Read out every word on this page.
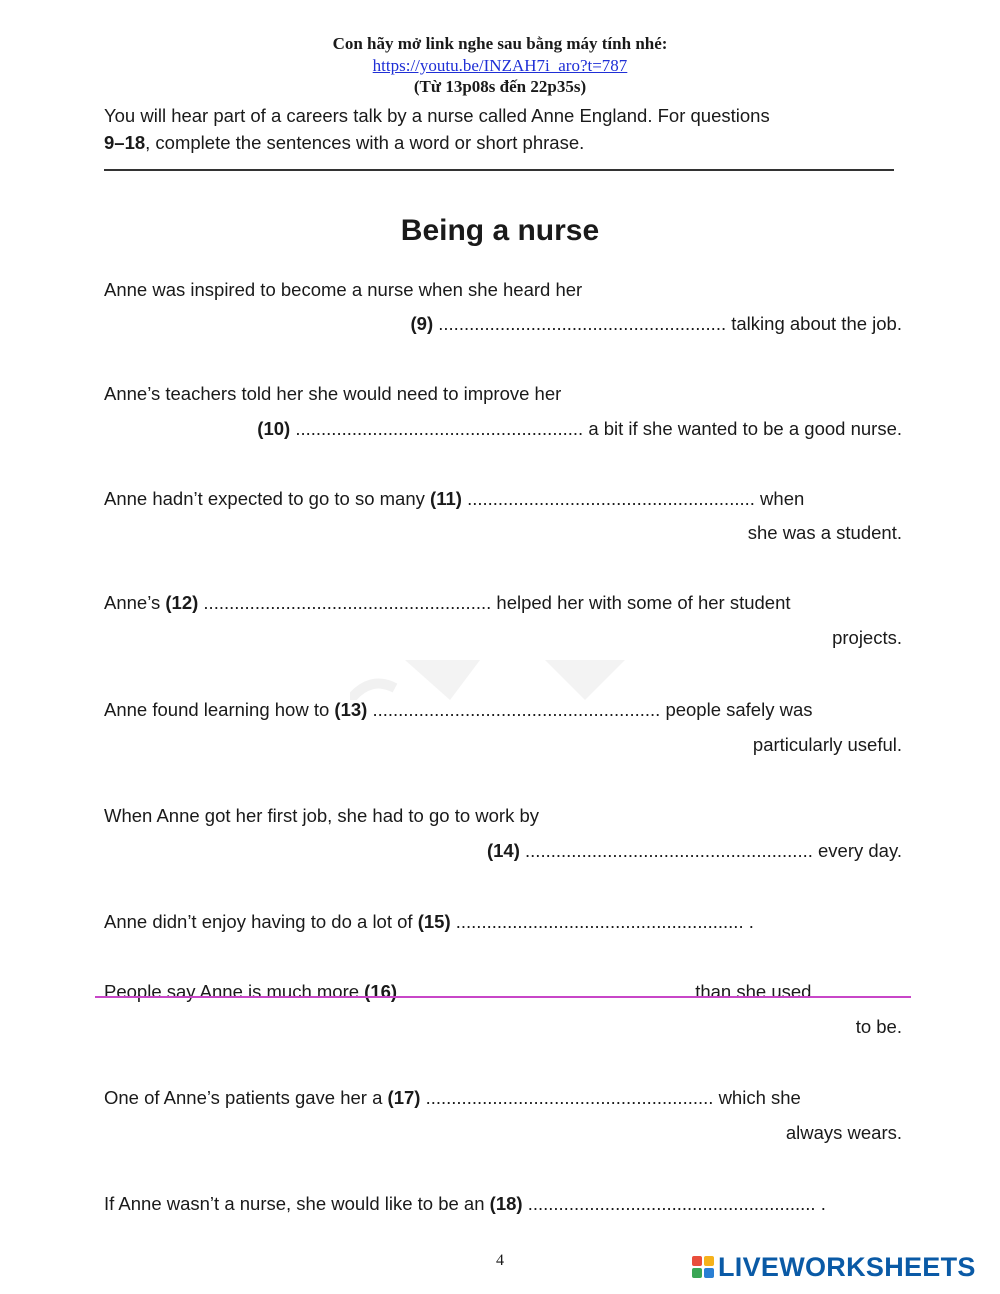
Con hãy mở link nghe sau bằng máy tính nhé:
https://youtu.be/INZAH7i_aro?t=787
(Từ 13p08s đến 22p35s)
You will hear part of a careers talk by a nurse called Anne England. For questions
9–18, complete the sentences with a word or short phrase.
Being a nurse
Anne was inspired to become a nurse when she heard her
(9) ........................................................ talking about the job.
Anne’s teachers told her she would need to improve her
(10) ........................................................ a bit if she wanted to be a good nurse.
Anne hadn’t expected to go to so many (11) ........................................................ when
she was a student.
Anne’s (12) ........................................................ helped her with some of her student
projects.
Anne found learning how to (13) ........................................................ people safely was
particularly useful.
When Anne got her first job, she had to go to work by
(14) ........................................................ every day.
Anne didn’t enjoy having to do a lot of (15) ........................................................ .
People say Anne is much more (16) ........................................................ than she used
to be.
One of Anne’s patients gave her a (17) ........................................................ which she
always wears.
If Anne wasn’t a nurse, she would like to be an (18) ........................................................ .
4	LIVEWORKSHEETS
